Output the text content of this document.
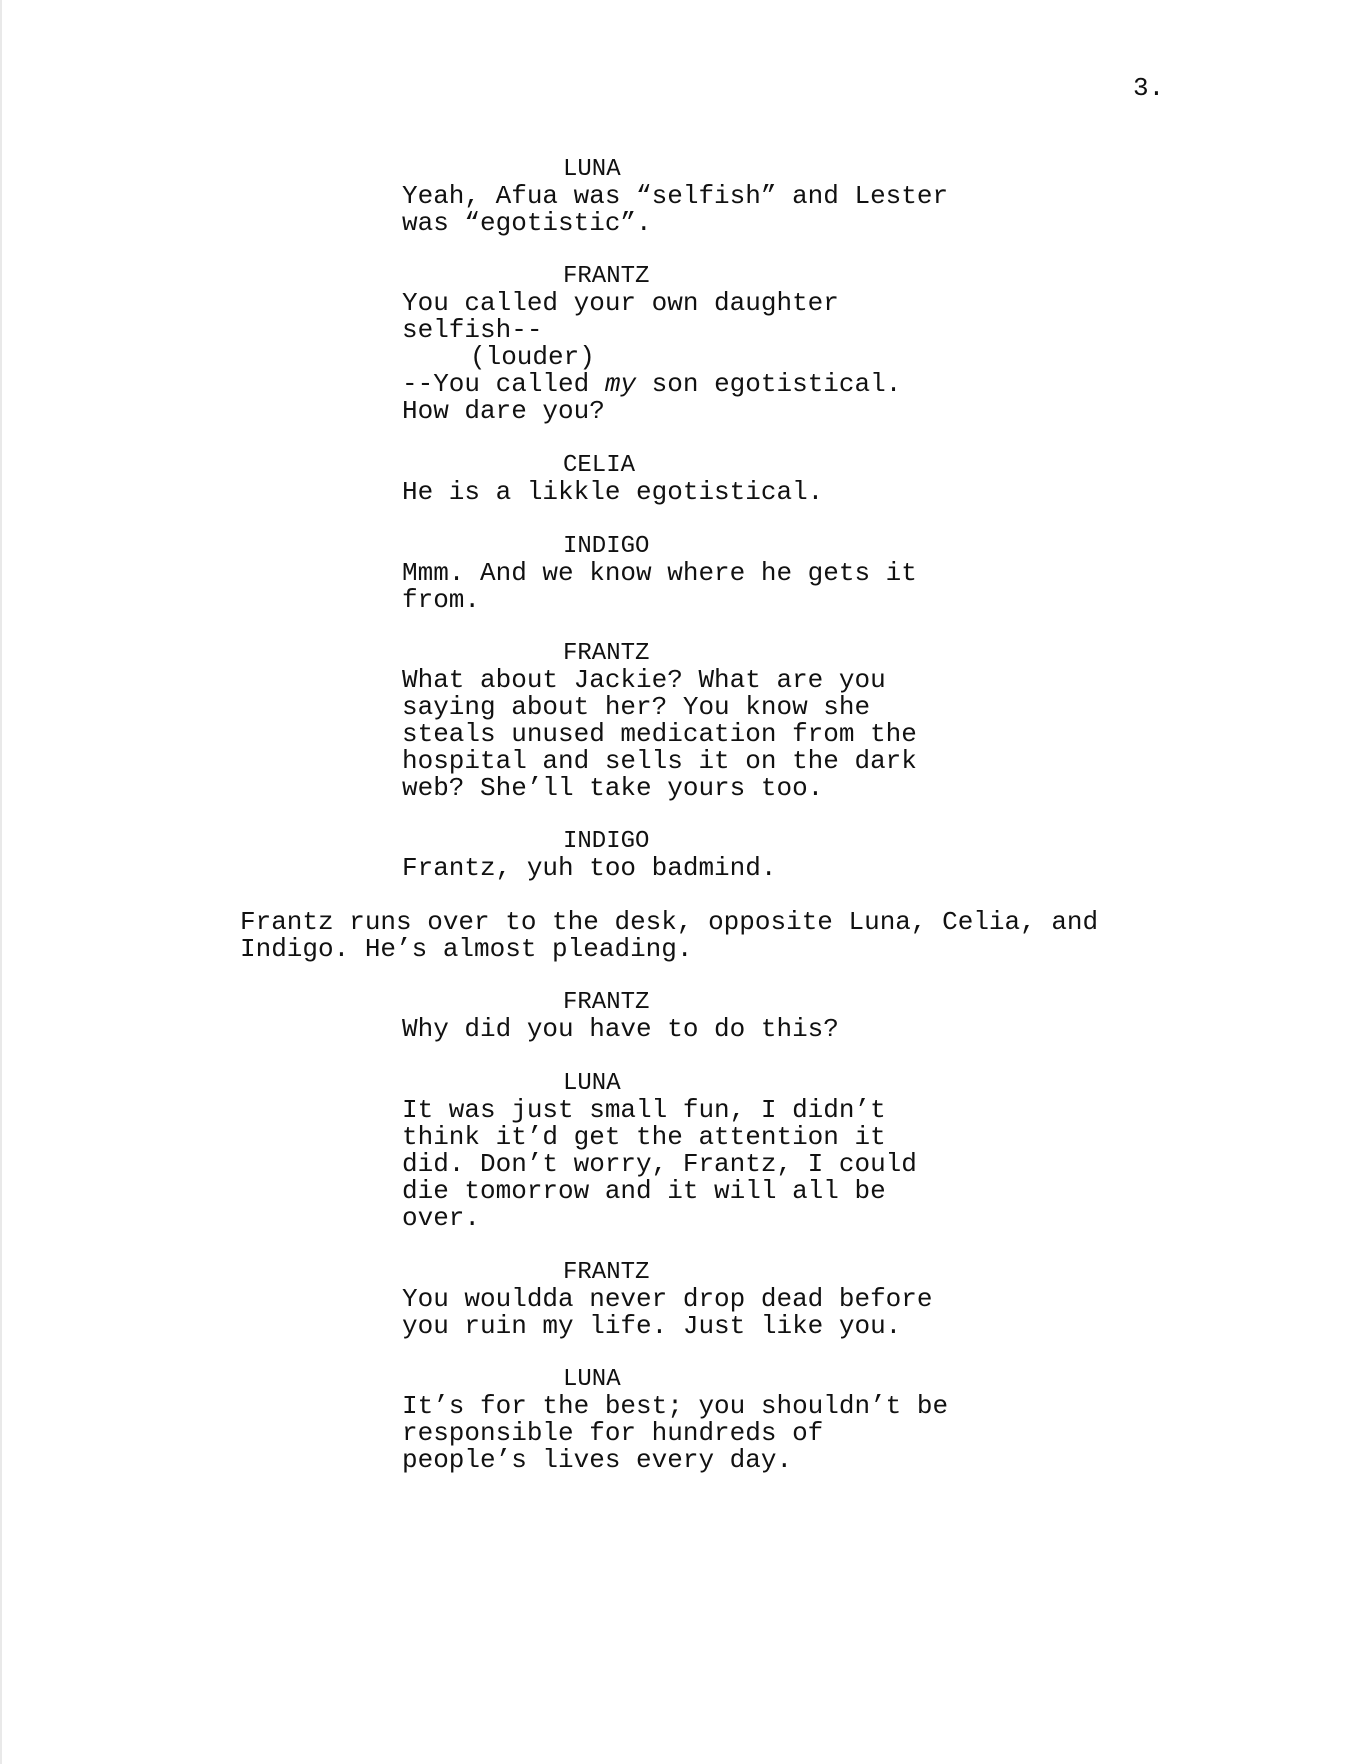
3.
LUNA
Yeah, Afua was “selfish” and Lester
was “egotistic”.
FRANTZ
You called your own daughter
selfish--
(louder)
--You called my son egotistical.
How dare you?
CELIA
He is a likkle egotistical.
INDIGO
Mmm. And we know where he gets it
from.
FRANTZ
What about Jackie? What are you
saying about her? You know she
steals unused medication from the
hospital and sells it on the dark
web? She’ll take yours too.
INDIGO
Frantz, yuh too badmind.
Frantz runs over to the desk, opposite Luna, Celia, and
Indigo. He’s almost pleading.
FRANTZ
Why did you have to do this?
LUNA
It was just small fun, I didn’t
think it’d get the attention it
did. Don’t worry, Frantz, I could
die tomorrow and it will all be
over.
FRANTZ
You wouldda never drop dead before
you ruin my life. Just like you.
LUNA
It’s for the best; you shouldn’t be
responsible for hundreds of
people’s lives every day.
